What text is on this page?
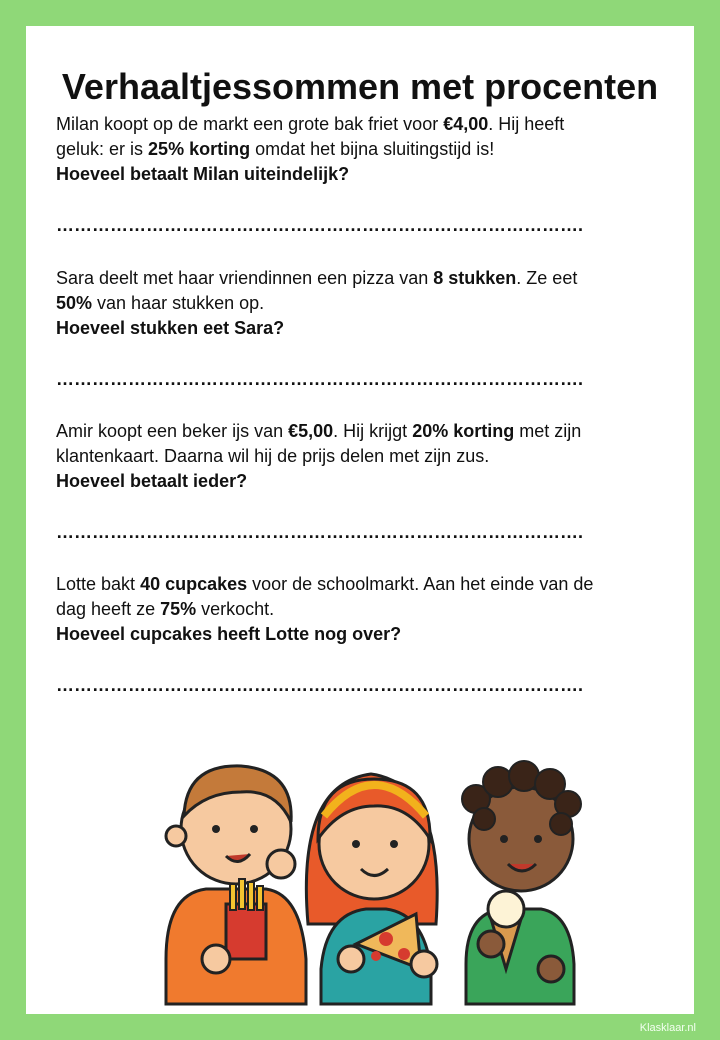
Verhaaltjessommen met procenten

Milan koopt op de markt een grote bak friet voor €4,00. Hij heeft

geluk: er is 25% korting omdat het bijna sluitingstijd is!

Hoeveel betaalt Milan uiteindelijk?

…………………………………………………………………………….

Sara deelt met haar vriendinnen een pizza van 8 stukken. Ze eet

50% van haar stukken op.

Hoeveel stukken eet Sara?

…………………………………………………………………………….

Amir koopt een beker ijs van €5,00. Hij krijgt 20% korting met zijn

klantenkaart. Daarna wil hij de prijs delen met zijn zus.

Hoeveel betaalt ieder?

…………………………………………………………………………….

Lotte bakt 40 cupcakes voor de schoolmarkt. Aan het einde van de

dag heeft ze 75% verkocht.

Hoeveel cupcakes heeft Lotte nog over?

…………………………………………………………………………….
Klasklaar.nl
